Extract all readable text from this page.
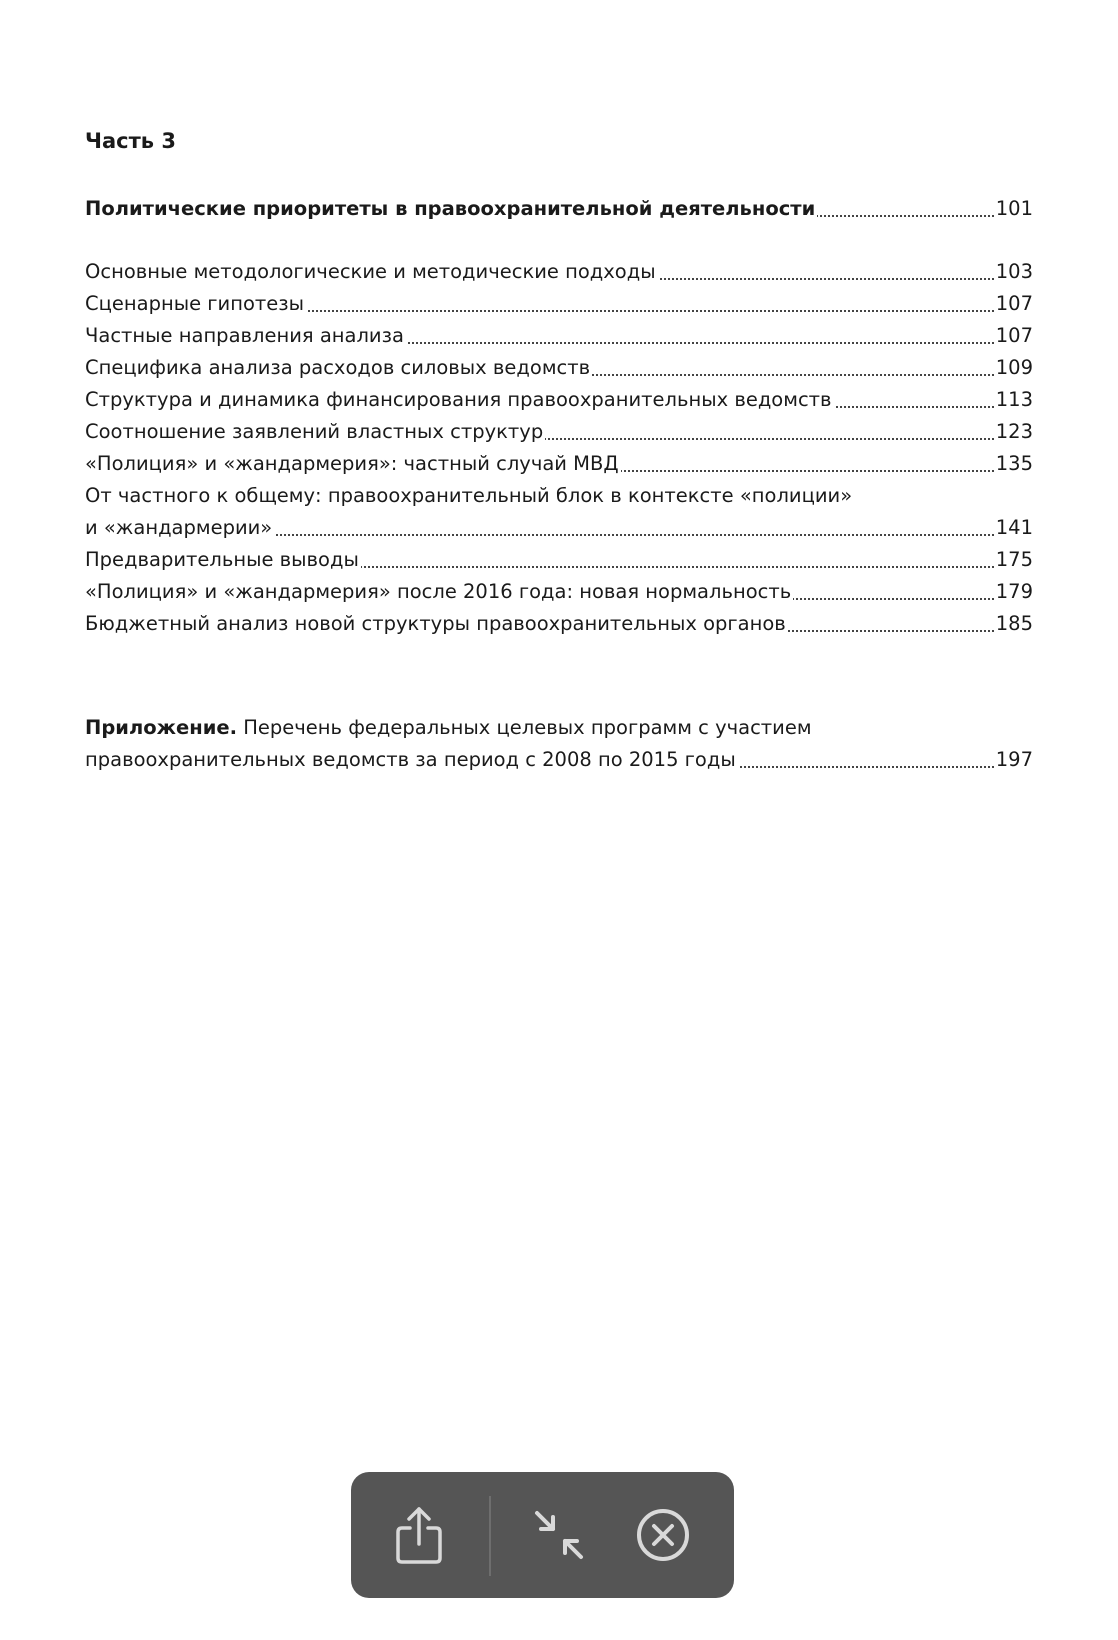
Часть 3
Политические приоритеты в правоохранительной деятельности	101
Основные методологические и методические подходы	103
Сценарные гипотезы	107
Частные направления анализа	107
Специфика анализа расходов силовых ведомств	109
Структура и динамика финансирования правоохранительных ведомств	113
Соотношение заявлений властных структур	123
«Полиция» и «жандармерия»: частный случай МВД	135
От частного к общему: правоохранительный блок в контексте «полиции»
и «жандармерии»	141
Предварительные выводы	175
«Полиция» и «жандармерия» после 2016 года: новая нормальность	179
Бюджетный анализ новой структуры правоохранительных органов	185
Приложение. Перечень федеральных целевых программ с участием
правоохранительных ведомств за период с 2008 по 2015 годы	197
